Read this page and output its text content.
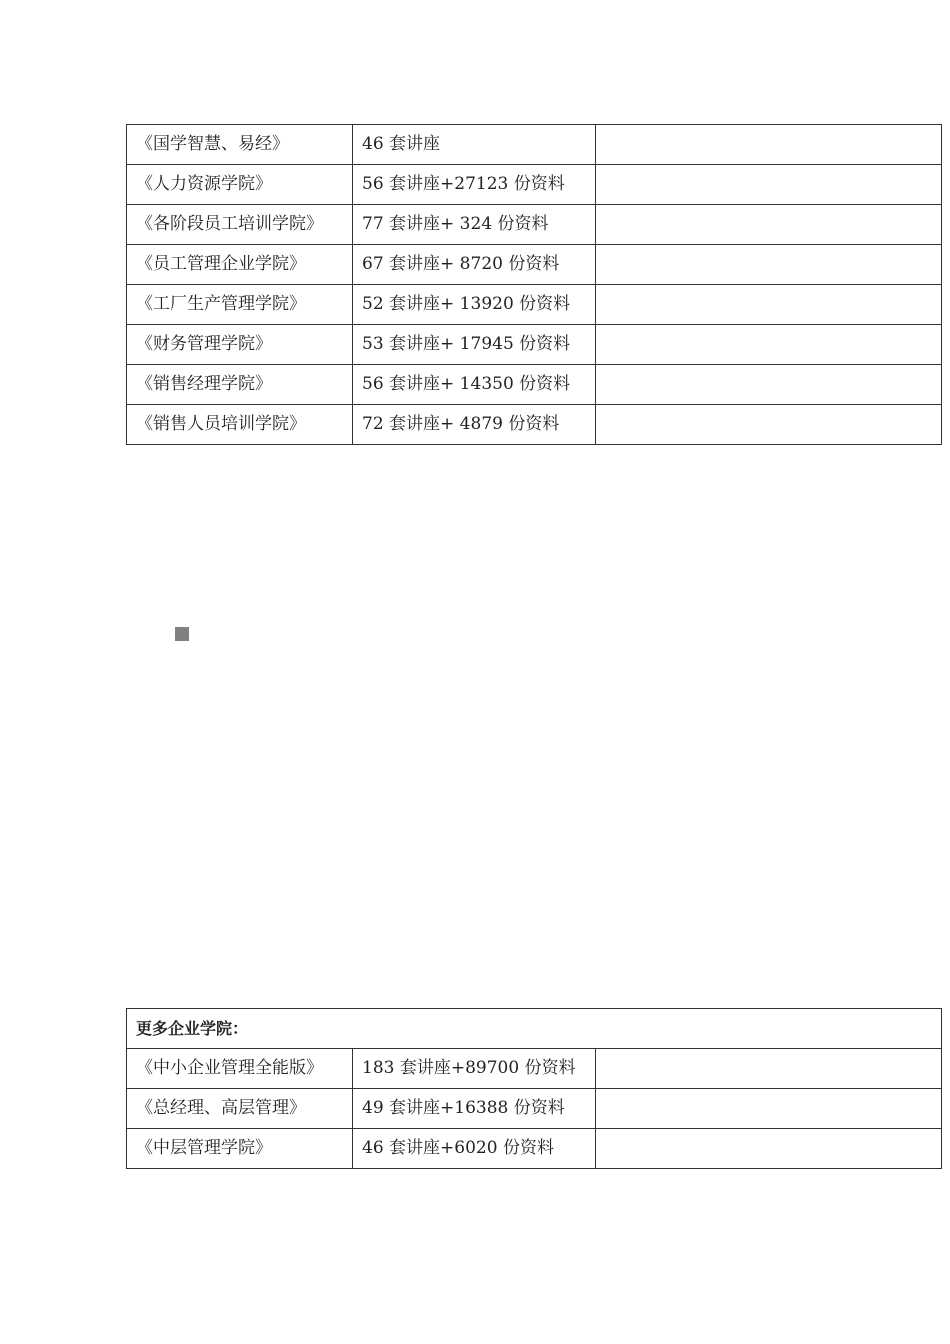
《国学智慧、易经》	46 套讲座	
《人力资源学院》	56 套讲座+27123 份资料	
《各阶段员工培训学院》	77 套讲座+ 324 份资料	
《员工管理企业学院》	67 套讲座+ 8720 份资料	
《工厂生产管理学院》	52 套讲座+ 13920 份资料	
《财务管理学院》	53 套讲座+ 17945 份资料	
《销售经理学院》	56 套讲座+ 14350 份资料	
《销售人员培训学院》	72 套讲座+ 4879 份资料	
更多企业学院：		
《中小企业管理全能版》	183 套讲座+89700 份资料	
《总经理、高层管理》	49 套讲座+16388 份资料	
《中层管理学院》	46 套讲座+6020 份资料	
